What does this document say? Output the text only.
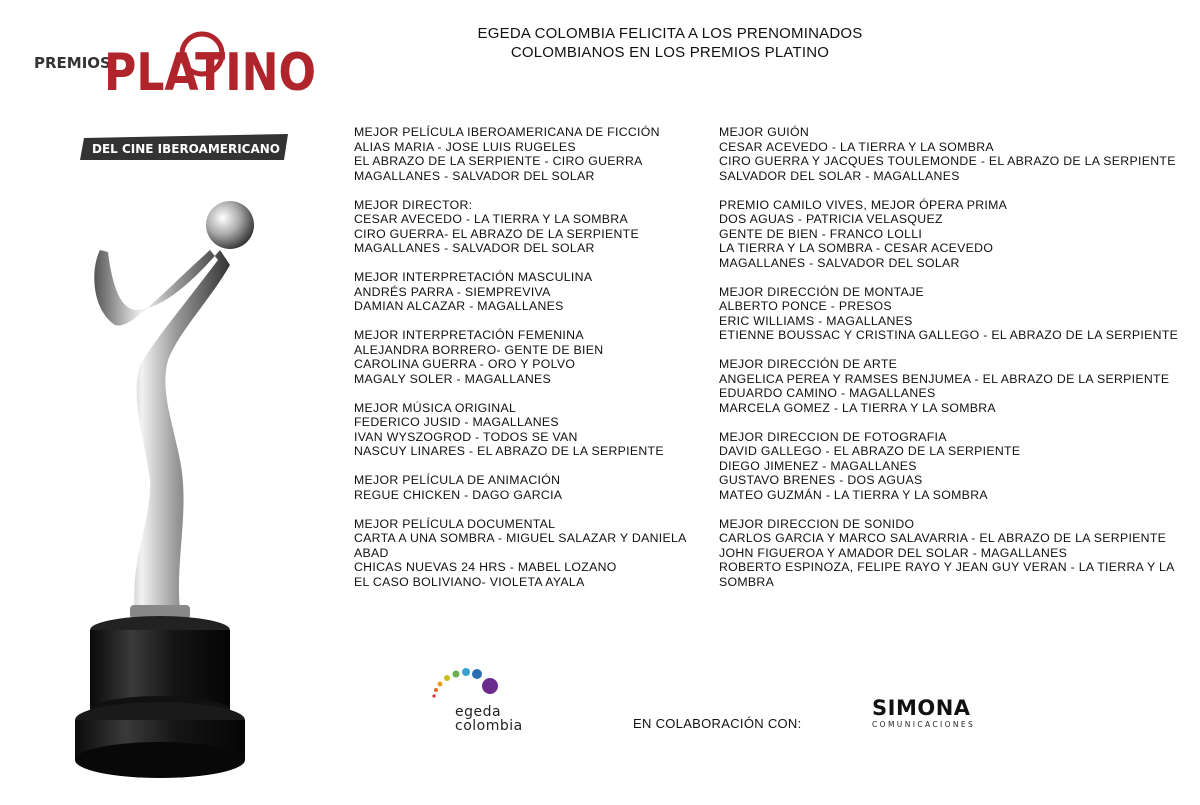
PREMIOS
PLATINO
DEL CINE IBEROAMERICANO
EGEDA COLOMBIA FELICITA A LOS PRENOMINADOS
COLOMBIANOS EN LOS PREMIOS PLATINO
MEJOR PELÍCULA IBEROAMERICANA DE FICCIÓN
ALIAS MARIA - JOSE LUIS RUGELES
EL ABRAZO DE LA SERPIENTE - CIRO GUERRA
MAGALLANES - SALVADOR DEL SOLAR
MEJOR DIRECTOR:
CESAR AVECEDO - LA TIERRA Y LA SOMBRA
CIRO GUERRA- EL ABRAZO DE LA SERPIENTE
MAGALLANES - SALVADOR DEL SOLAR
MEJOR INTERPRETACIÓN MASCULINA
ANDRÉS PARRA - SIEMPREVIVA
DAMIAN ALCAZAR - MAGALLANES
MEJOR INTERPRETACIÓN FEMENINA
ALEJANDRA BORRERO- GENTE DE BIEN
CAROLINA GUERRA - ORO Y POLVO
MAGALY SOLER - MAGALLANES
MEJOR MÚSICA ORIGINAL
FEDERICO JUSID - MAGALLANES
IVAN WYSZOGROD - TODOS SE VAN
NASCUY LINARES - EL ABRAZO DE LA SERPIENTE
MEJOR PELÍCULA DE ANIMACIÓN
REGUE CHICKEN - DAGO GARCIA
MEJOR PELÍCULA DOCUMENTAL
CARTA A UNA SOMBRA - MIGUEL SALAZAR Y DANIELA ABAD
CHICAS NUEVAS 24 HRS - MABEL LOZANO
EL CASO BOLIVIANO- VIOLETA AYALA
MEJOR GUIÓN
CESAR ACEVEDO - LA TIERRA Y LA SOMBRA
CIRO GUERRA Y JACQUES TOULEMONDE - EL ABRAZO DE LA SERPIENTE
SALVADOR DEL SOLAR - MAGALLANES
PREMIO CAMILO VIVES, MEJOR ÓPERA PRIMA
DOS AGUAS - PATRICIA VELASQUEZ
GENTE DE BIEN - FRANCO LOLLI
LA TIERRA Y LA SOMBRA - CESAR ACEVEDO
MAGALLANES - SALVADOR DEL SOLAR
MEJOR DIRECCIÓN DE MONTAJE
ALBERTO PONCE - PRESOS
ERIC WILLIAMS - MAGALLANES
ETIENNE BOUSSAC Y CRISTINA GALLEGO - EL ABRAZO DE LA SERPIENTE
MEJOR DIRECCIÓN DE ARTE
ANGELICA PEREA Y RAMSES BENJUMEA - EL ABRAZO DE LA SERPIENTE
EDUARDO CAMINO - MAGALLANES
MARCELA GOMEZ - LA TIERRA Y LA SOMBRA
MEJOR DIRECCION DE FOTOGRAFIA
DAVID GALLEGO - EL ABRAZO DE LA SERPIENTE
DIEGO JIMENEZ - MAGALLANES
GUSTAVO BRENES - DOS AGUAS
MATEO GUZMÁN - LA TIERRA Y LA SOMBRA
MEJOR DIRECCION DE SONIDO
CARLOS GARCIA Y MARCO SALAVARRIA - EL ABRAZO DE LA SERPIENTE
JOHN FIGUEROA Y AMADOR DEL SOLAR - MAGALLANES
ROBERTO ESPINOZA, FELIPE RAYO Y JEAN GUY VERAN - LA TIERRA Y LA SOMBRA
egeda
colombia	EN COLABORACIÓN CON:
SIMONA
COMUNICACIONES
